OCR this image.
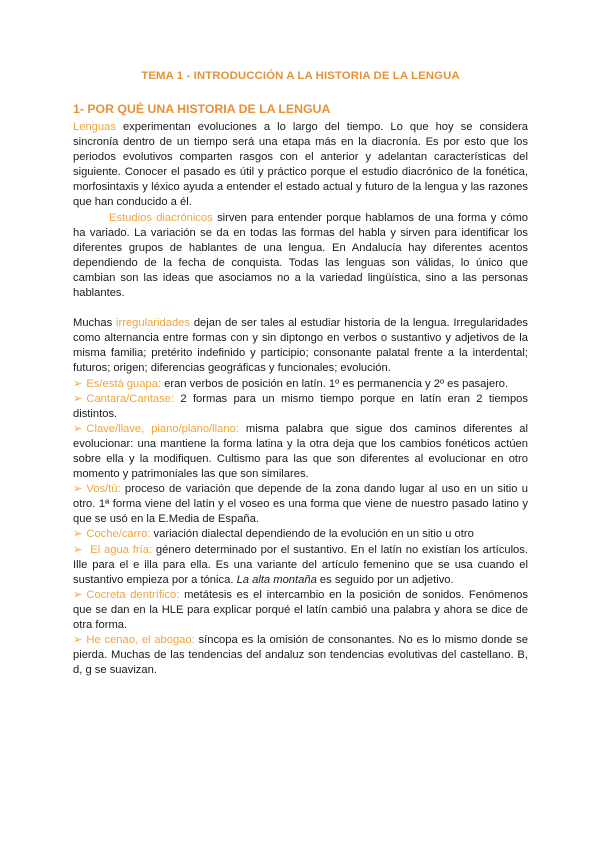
TEMA 1 - INTRODUCCIÓN A LA HISTORIA DE LA LENGUA
1- POR QUÉ UNA HISTORIA DE LA LENGUA

Lenguas experimentan evoluciones a lo largo del tiempo. Lo que hoy se considera sincronía dentro de un tiempo será una etapa más en la diacronía. Es por esto que los periodos evolutivos comparten rasgos con el anterior y adelantan características del siguiente. Conocer el pasado es útil y práctico porque el estudio diacrónico de la fonética, morfosintaxis y léxico ayuda a entender el estado actual y futuro de la lengua y las razones que han conducido a él.

Estudios diacrónicos sirven para entender porque hablamos de una forma y cómo ha variado. La variación se da en todas las formas del habla y sirven para identificar los diferentes grupos de hablantes de una lengua. En Andalucía hay diferentes acentos dependiendo de la fecha de conquista. Todas las lenguas son válidas, lo único que cambian son las ideas que asociamos no a la variedad lingüística, sino a las personas hablantes.

Muchas irregularidades dejan de ser tales al estudiar historia de la lengua. Irregularidades como alternancia entre formas con y sin diptongo en verbos o sustantivo y adjetivos de la misma familia; pretérito indefinido y participio; consonante palatal frente a la interdental; futuros; origen; diferencias geográficas y funcionales; evolución.

➢ Es/está guapa: eran verbos de posición en latín. 1º es permanencia y 2º es pasajero.

➢ Cantara/Cantase: 2 formas para un mismo tiempo porque en latín eran 2 tiempos distintos.

➢ Clave/llave, piano/plano/llano: misma palabra que sigue dos caminos diferentes al evolucionar: una mantiene la forma latina y la otra deja que los cambios fonéticos actúen sobre ella y la modifiquen. Cultismo para las que son diferentes al evolucionar en otro momento y patrimoniales las que son similares.

➢ Vos/tú: proceso de variación que depende de la zona dando lugar al uso en un sitio u otro. 1ª forma viene del latín y el voseo es una forma que viene de nuestro pasado latino y que se usó en la E.Media de España.

➢ Coche/carro: variación dialectal dependiendo de la evolución en un sitio u otro

➢ El agua fría: género determinado por el sustantivo. En el latín no existían los artículos. Ille para el e illa para ella. Es una variante del artículo femenino que se usa cuando el sustantivo empieza por a tónica. La alta montaña es seguido por un adjetivo.

➢ Cocreta dentrífico: metátesis es el intercambio en la posición de sonidos. Fenómenos que se dan en la HLE para explicar porqué el latín cambió una palabra y ahora se dice de otra forma.

➢ He cenao, el abogao: síncopa es la omisión de consonantes. No es lo mismo donde se pierda. Muchas de las tendencias del andaluz son tendencias evolutivas del castellano. B, d, g se suavizan.
